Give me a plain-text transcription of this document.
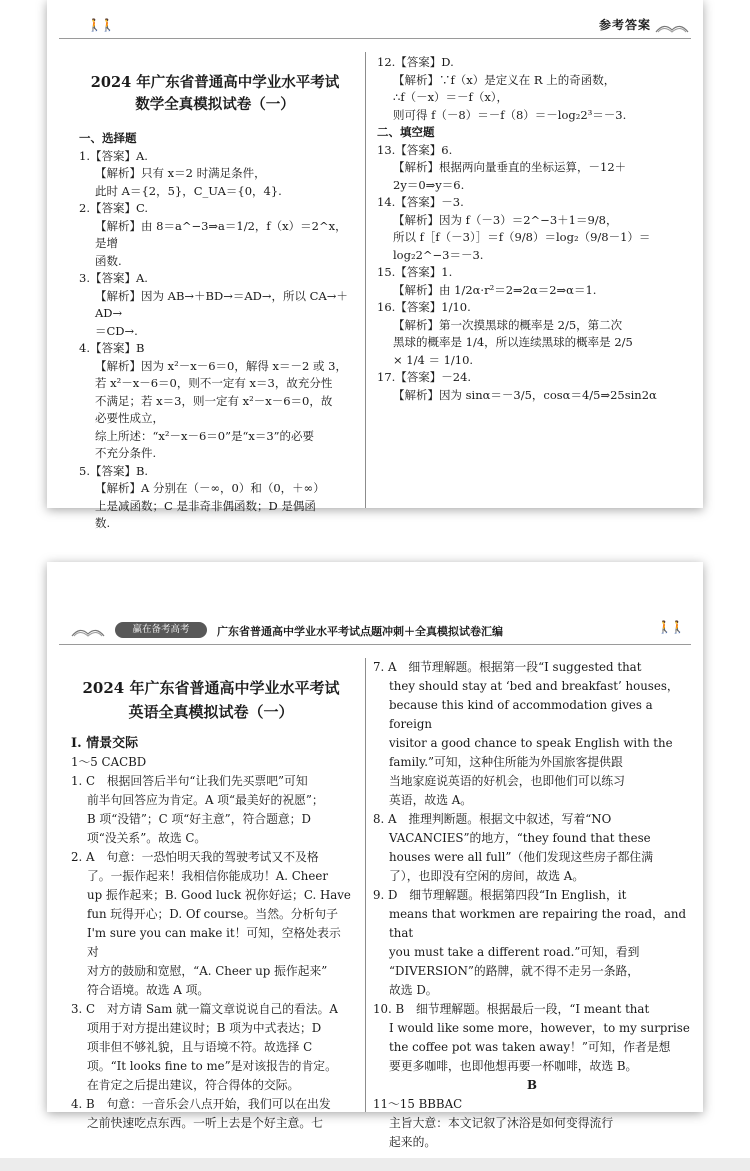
🚶🚶	参考答案

2024 年广东省普通高中学业水平考试

数学全真模拟试卷（一）

一、选择题

1.【答案】A.

【解析】只有 x＝2 时满足条件，

此时 A＝{2，5}，C_UA＝{0，4}.

2.【答案】C.

【解析】由 8＝a^−3⇒a＝1/2，f（x）＝2^x，是增

函数.

3.【答案】A.

【解析】因为 AB→＋BD→＝AD→，所以 CA→＋AD→

＝CD→.

4.【答案】B

【解析】因为 x²－x－6＝0，解得 x＝－2 或 3，

若 x²－x－6＝0，则不一定有 x＝3，故充分性

不满足；若 x＝3，则一定有 x²－x－6＝0，故

必要性成立，

综上所述：“x²－x－6＝0”是“x＝3”的必要

不充分条件.

5.【答案】B.

【解析】A 分别在（－∞，0）和（0，＋∞）

上是减函数；C 是非奇非偶函数；D 是偶函

数.

12.【答案】D.

【解析】∵f（x）是定义在 R 上的奇函数，

∴f（－x）＝－f（x），

则可得 f（－8）＝－f（8）＝－log₂2³＝－3.

二、填空题

13.【答案】6.

【解析】根据两向量垂直的坐标运算，－12＋

2y＝0⇒y＝6.

14.【答案】－3.

【解析】因为 f（－3）＝2^−3＋1＝9/8，

所以 f［f（－3）］＝f（9/8）＝log₂（9/8－1）＝

log₂2^−3＝－3.

15.【答案】1.

【解析】由 1/2α·r²＝2⇒2α＝2⇒α＝1.

16.【答案】1/10.

【解析】第一次摸黑球的概率是 2/5，第二次

黑球的概率是 1/4，所以连续黑球的概率是 2/5

× 1/4 ＝ 1/10.

17.【答案】－24.

【解析】因为 sinα＝－3/5，cosα＝4/5⇒25sin2α

赢在备考高考	广东省普通高中学业水平考试点题冲刺＋全真模拟试卷汇编	🚶🚶

2024 年广东省普通高中学业水平考试

英语全真模拟试卷（一）

Ⅰ. 情景交际

1～5 CACBD

1. C　根据回答后半句“让我们先买票吧”可知

前半句回答应为肯定。A 项“最美好的祝愿”；

B 项“没错”；C 项“好主意”，符合题意；D

项“没关系”。故选 C。

2. A　句意：一恐怕明天我的驾驶考试又不及格

了。一振作起来！我相信你能成功！A. Cheer

up 振作起来；B. Good luck 祝你好运；C. Have

fun 玩得开心；D. Of course。当然。分析句子

I'm sure you can make it！可知，空格处表示对

对方的鼓励和宽慰，“A. Cheer up 振作起来”

符合语境。故选 A 项。

3. C　对方请 Sam 就一篇文章说说自己的看法。A

项用于对方提出建议时；B 项为中式表达；D

项非但不够礼貌，且与语境不符。故选择 C

项。“It looks fine to me”是对该报告的肯定。

在肯定之后提出建议，符合得体的交际。

4. B　句意：一音乐会八点开始，我们可以在出发

之前快速吃点东西。一听上去是个好主意。七

7. A　细节理解题。根据第一段“I suggested that

they should stay at ‘bed and breakfast’ houses，

because this kind of accommodation gives a foreign

visitor a good chance to speak English with the

family.”可知，这种住所能为外国旅客提供跟

当地家庭说英语的好机会，也即他们可以练习

英语，故选 A。

8. A　推理判断题。根据文中叙述，写着“NO

VACANCIES”的地方，“they found that these

houses were all full”（他们发现这些房子都住满

了），也即没有空闲的房间，故选 A。

9. D　细节理解题。根据第四段“In English，it

means that workmen are repairing the road，and that

you must take a different road.”可知，看到

“DIVERSION”的路牌，就不得不走另一条路，

故选 D。

10. B　细节理解题。根据最后一段，“I meant that

I would like some more，however，to my surprise

the coffee pot was taken away！”可知，作者是想

要更多咖啡，也即他想再要一杯咖啡，故选 B。

B

11～15 BBBAC

主旨大意：本文记叙了沐浴是如何变得流行

起来的。
